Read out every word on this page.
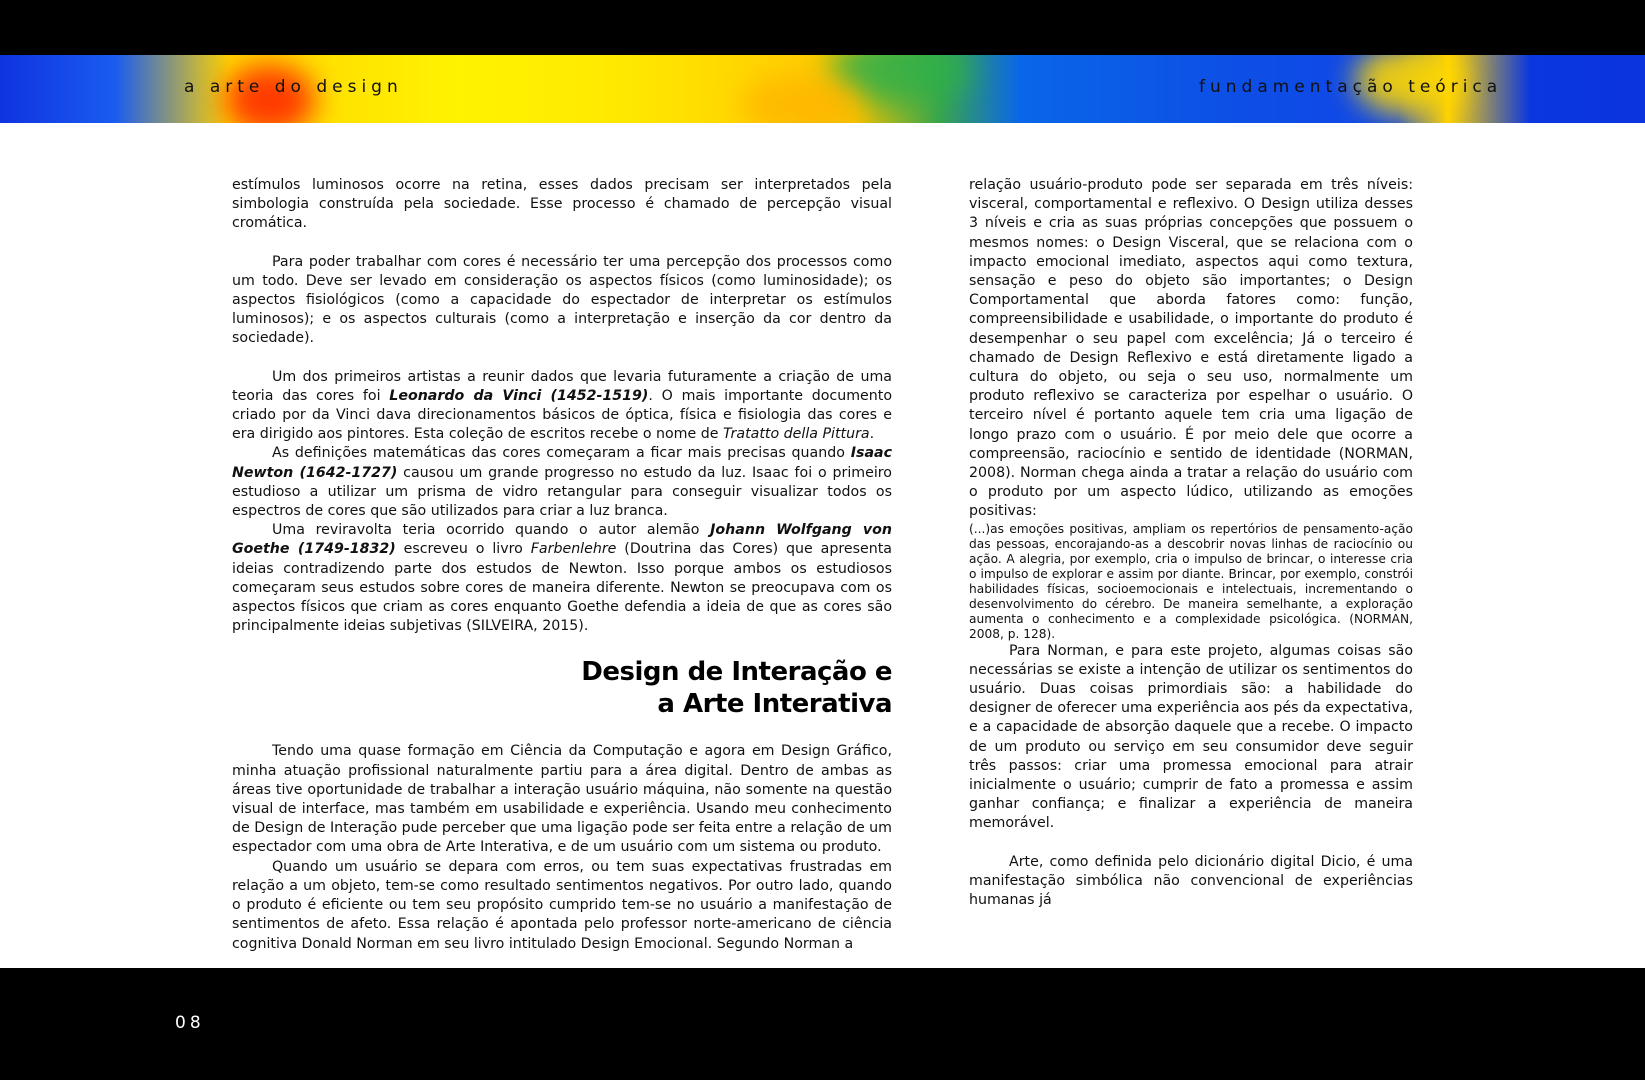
a arte do design	fundamentação teórica

estímulos luminosos ocorre na retina, esses dados precisam ser interpretados pela simbologia construída pela sociedade. Esse processo é chamado de percepção visual cromática.

Para poder trabalhar com cores é necessário ter uma percepção dos processos como um todo. Deve ser levado em consideração os aspectos físicos (como luminosidade); os aspectos fisiológicos (como a capacidade do espectador de interpretar os estímulos luminosos); e os aspectos culturais (como a interpretação e inserção da cor dentro da sociedade).

Um dos primeiros artistas a reunir dados que levaria futuramente a criação de uma teoria das cores foi Leonardo da Vinci (1452-1519). O mais importante documento criado por da Vinci dava direcionamentos básicos de óptica, física e fisiologia das cores e era dirigido aos pintores. Esta coleção de escritos recebe o nome de Tratatto della Pittura.

As definições matemáticas das cores começaram a ficar mais precisas quando Isaac Newton (1642-1727) causou um grande progresso no estudo da luz. Isaac foi o primeiro estudioso a utilizar um prisma de vidro retangular para conseguir visualizar todos os espectros de cores que são utilizados para criar a luz branca.

Uma reviravolta teria ocorrido quando o autor alemão Johann Wolfgang von Goethe (1749-1832) escreveu o livro Farbenlehre (Doutrina das Cores) que apresenta ideias contradizendo parte dos estudos de Newton. Isso porque ambos os estudiosos começaram seus estudos sobre cores de maneira diferente. Newton se preocupava com os aspectos físicos que criam as cores enquanto Goethe defendia a ideia de que as cores são principalmente ideias subjetivas (SILVEIRA, 2015).

Design de Interação e
a Arte Interativa

Tendo uma quase formação em Ciência da Computação e agora em Design Gráfico, minha atuação profissional naturalmente partiu para a área digital. Dentro de ambas as áreas tive oportunidade de trabalhar a interação usuário máquina, não somente na questão visual de interface, mas também em usabilidade e experiência. Usando meu conhecimento de Design de Interação pude perceber que uma ligação pode ser feita entre a relação de um espectador com uma obra de Arte Interativa, e de um usuário com um sistema ou produto.

Quando um usuário se depara com erros, ou tem suas expectativas frustradas em relação a um objeto, tem-se como resultado sentimentos negativos. Por outro lado, quando o produto é eficiente ou tem seu propósito cumprido tem-se no usuário a manifestação de sentimentos de afeto. Essa relação é apontada pelo professor norte-americano de ciência cognitiva Donald Norman em seu livro intitulado Design Emocional. Segundo Norman a

relação usuário-produto pode ser separada em três níveis: visceral, comportamental e reflexivo. O Design utiliza desses 3 níveis e cria as suas próprias concepções que possuem o mesmos nomes: o Design Visceral, que se relaciona com o impacto emocional imediato, aspectos aqui como textura, sensação e peso do objeto são importantes; o Design Comportamental que aborda fatores como: função, compreensibilidade e usabilidade, o importante do produto é desempenhar o seu papel com excelência; Já o terceiro é chamado de Design Reflexivo e está diretamente ligado a cultura do objeto, ou seja o seu uso, normalmente um produto reflexivo se caracteriza por espelhar o usuário. O terceiro nível é portanto aquele tem cria uma ligação de longo prazo com o usuário. É por meio dele que ocorre a compreensão, raciocínio e sentido de identidade (NORMAN, 2008). Norman chega ainda a tratar a relação do usuário com o produto por um aspecto lúdico, utilizando as emoções positivas:

(...)as emoções positivas, ampliam os repertórios de pensamento-ação das pessoas, encorajando-as a descobrir novas linhas de raciocínio ou ação. A alegria, por exemplo, cria o impulso de brincar, o interesse cria o impulso de explorar e assim por diante. Brincar, por exemplo, constrói habilidades físicas, socioemocionais e intelectuais, incrementando o desenvolvimento do cérebro. De maneira semelhante, a exploração aumenta o conhecimento e a complexidade psicológica. (NORMAN, 2008, p. 128).

Para Norman, e para este projeto, algumas coisas são necessárias se existe a intenção de utilizar os sentimentos do usuário. Duas coisas primordiais são: a habilidade do designer de oferecer uma experiência aos pés da expectativa, e a capacidade de absorção daquele que a recebe. O impacto de um produto ou serviço em seu consumidor deve seguir três passos: criar uma promessa emocional para atrair inicialmente o usuário; cumprir de fato a promessa e assim ganhar confiança; e finalizar a experiência de maneira memorável.

Arte, como definida pelo dicionário digital Dicio, é uma manifestação simbólica não convencional de experiências humanas já

08
